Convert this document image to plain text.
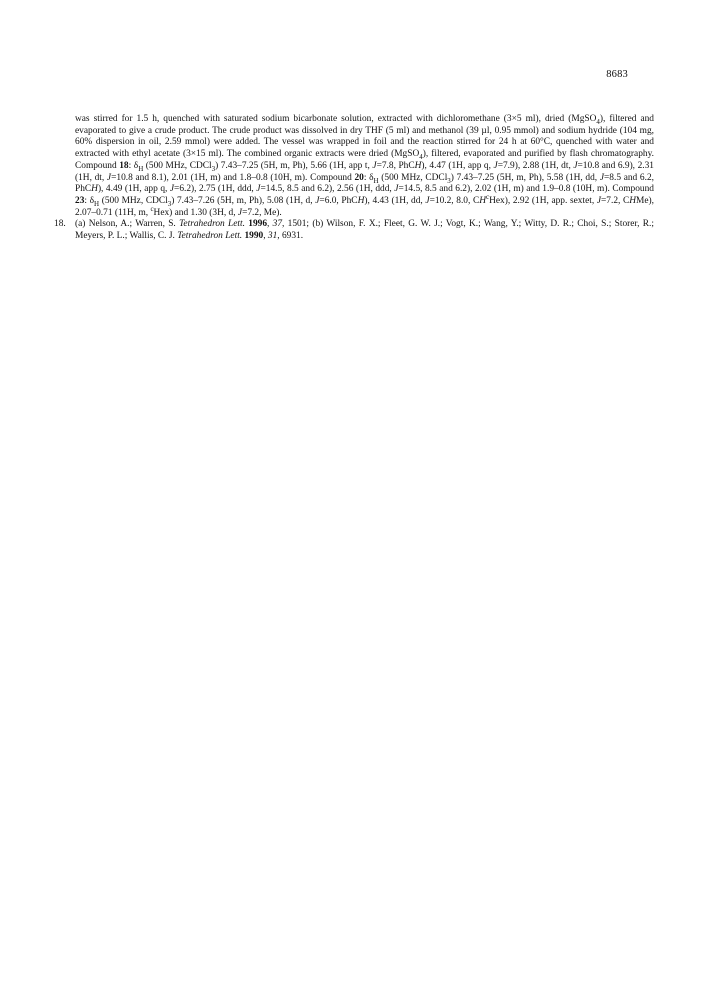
8683
was stirred for 1.5 h, quenched with saturated sodium bicarbonate solution, extracted with dichloromethane (3×5 ml), dried (MgSO$_4$), filtered and evaporated to give a crude product. The crude product was dissolved in dry THF (5 ml) and methanol (39 µl, 0.95 mmol) and sodium hydride (104 mg, 60% dispersion in oil, 2.59 mmol) were added. The vessel was wrapped in foil and the reaction stirred for 24 h at 60°C, quenched with water and extracted with ethyl acetate (3×15 ml). The combined organic extracts were dried (MgSO$_4$), filtered, evaporated and purified by flash chromatography. Compound 18: $\delta_H$ (500 MHz, CDCl$_3$) 7.43–7.25 (5H, m, Ph), 5.66 (1H, app t, J=7.8, PhCH), 4.47 (1H, app q, J=7.9), 2.88 (1H, dt, J=10.8 and 6.9), 2.31 (1H, dt, J=10.8 and 8.1), 2.01 (1H, m) and 1.8–0.8 (10H, m). Compound 20: $\delta_H$ (500 MHz, CDCl$_3$) 7.43–7.25 (5H, m, Ph), 5.58 (1H, dd, J=8.5 and 6.2, PhCH), 4.49 (1H, app q, J=6.2), 2.75 (1H, ddd, J=14.5, 8.5 and 6.2), 2.56 (1H, ddd, J=14.5, 8.5 and 6.2), 2.02 (1H, m) and 1.9–0.8 (10H, m). Compound 23: $\delta_H$ (500 MHz, CDCl$_3$) 7.43–7.26 (5H, m, Ph), 5.08 (1H, d, J=6.0, PhCH), 4.43 (1H, dd, J=10.2, 8.0, $CH^cHex$), 2.92 (1H, app. sextet, J=7.2, CHMe), 2.07–0.71 (11H, m, $^c$Hex) and 1.30 (3H, d, J=7.2, Me).
18. (a) Nelson, A.; Warren, S. Tetrahedron Lett. 1996, 37, 1501; (b) Wilson, F. X.; Fleet, G. W. J.; Vogt, K.; Wang, Y.; Witty, D. R.; Choi, S.; Storer, R.; Meyers, P. L.; Wallis, C. J. Tetrahedron Lett. 1990, 31, 6931.
